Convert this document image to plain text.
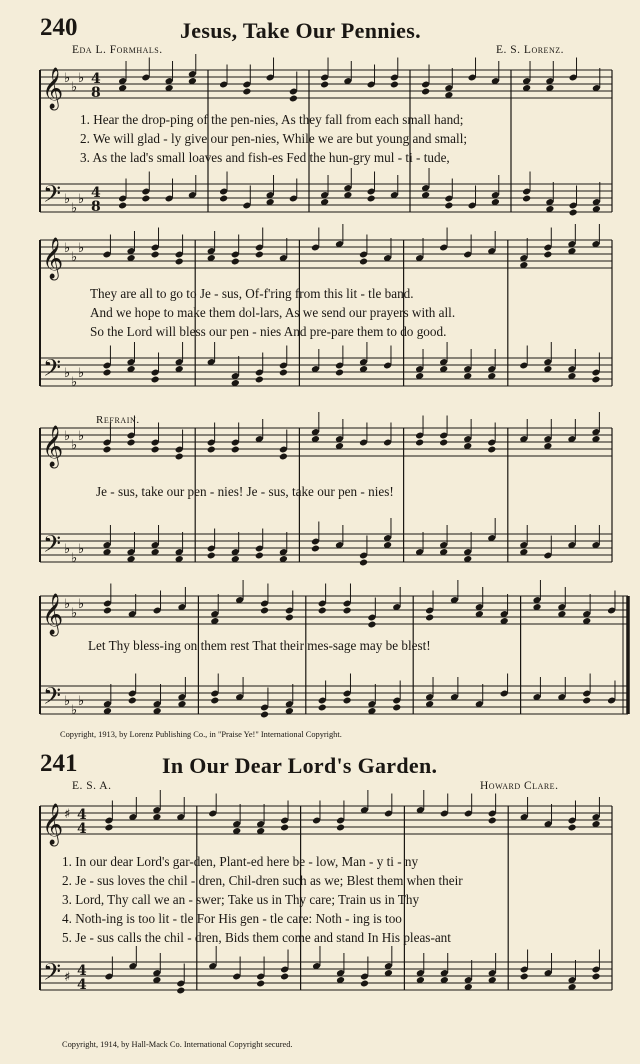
𝄞
𝄢
♭
♭
♭
♭
♭
♭
4
8
4
8
𝄞
𝄢
♭
♭
♭
♭
♭
♭
𝄞
𝄢
♭
♭
♭
♭
♭
♭
𝄞
𝄢
♭
♭
♭
♭
♭
♭
𝄞
𝄢
♯
♯
4
4
4
4
240	Jesus, Take Our Pennies.
Eda L. Formhals.	E. S. Lorenz.
1. Hear the drop-ping of the pen-nies, As they fall from each small hand;
2. We will glad - ly give our pen-nies, While we are but young and small;
3. As the lad's small loaves and fish-es Fed the hun-gry mul - ti - tude,
They are all to go to Je - sus, Of-f'ring from this lit - tle band.
And we hope to make them dol-lars, As we send our prayers with all.
So the Lord will bless our pen - nies And pre-pare them to do good.
Refrain.
Je - sus, take our pen - nies! Je - sus, take our pen - nies!
Let Thy bless-ing on them rest That their mes-sage may be blest!
Copyright, 1913, by Lorenz Publishing Co., in "Praise Ye!" International Copyright.
241	In Our Dear Lord's Garden.
E. S. A.	Howard Clare.
1. In our dear Lord's gar-den, Plant-ed here be - low, Man - y ti - ny
2. Je - sus loves the chil - dren, Chil-dren such as we; Blest them when their
3. Lord, Thy call we an - swer; Take us in Thy care; Train us in Thy
4. Noth-ing is too lit - tle For His gen - tle care: Noth - ing is too
5. Je - sus calls the chil - dren, Bids them come and stand In His pleas-ant
Copyright, 1914, by Hall-Mack Co. International Copyright secured.
